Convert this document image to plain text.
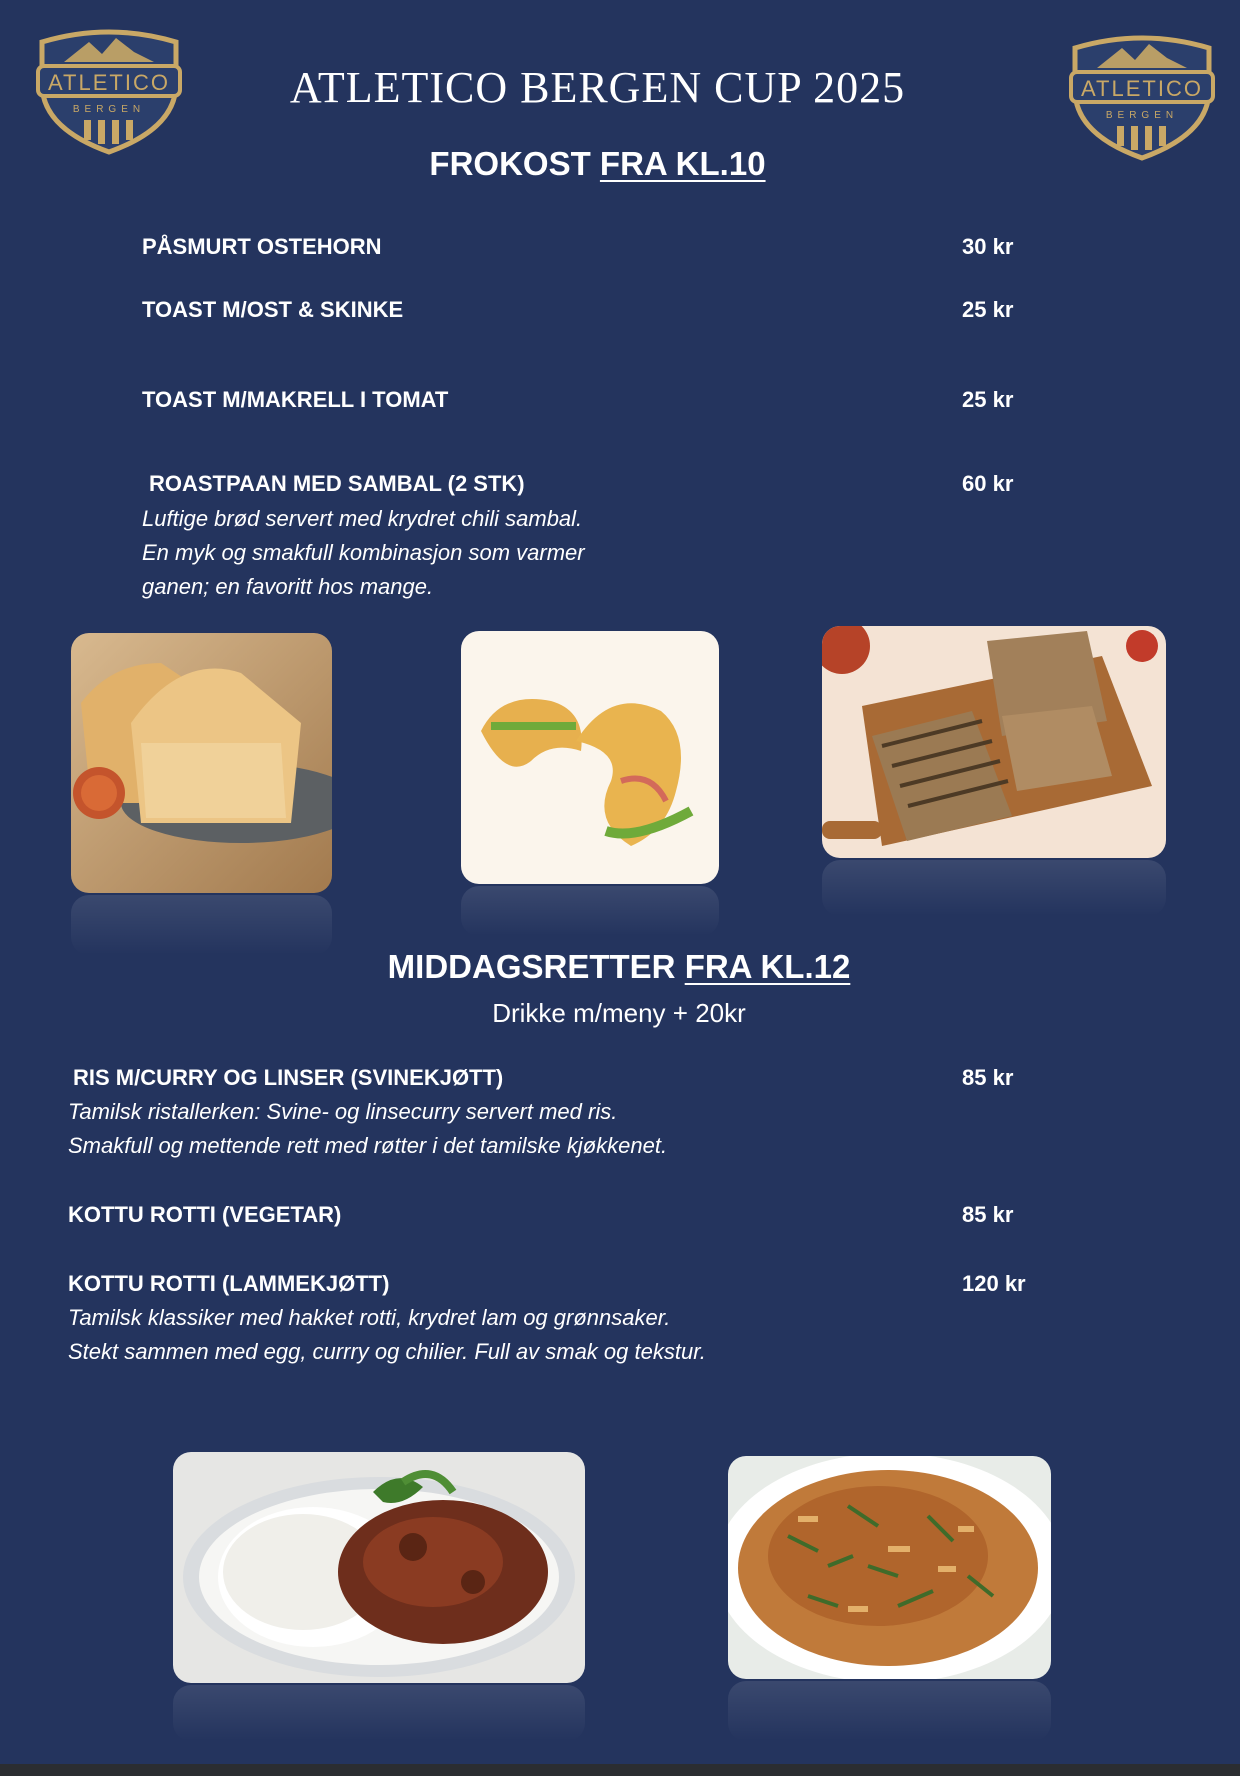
ATLETICO
BERGEN
ATLETICO
BERGEN
ATLETICO BERGEN CUP 2025
FROKOST FRA KL.10
PÅSMURT OSTEHORN	30 kr
TOAST M/OST & SKINKE	25 kr
TOAST M/MAKRELL I TOMAT	25 kr
ROASTPAAN MED SAMBAL (2 STK)	60 kr
Luftige brød servert med krydret chili sambal.
En myk og smakfull kombinasjon som varmer
ganen; en favoritt hos mange.
MIDDAGSRETTER FRA KL.12
Drikke m/meny + 20kr
RIS M/CURRY OG LINSER (SVINEKJØTT)	85 kr
Tamilsk ristallerken: Svine- og linsecurry servert med ris.
Smakfull og mettende rett med røtter i det tamilske kjøkkenet.
KOTTU ROTTI (VEGETAR)	85 kr
KOTTU ROTTI (LAMMEKJØTT)	120 kr
Tamilsk klassiker med hakket rotti, krydret lam og grønnsaker.
Stekt sammen med egg, currry og chilier. Full av smak og tekstur.
